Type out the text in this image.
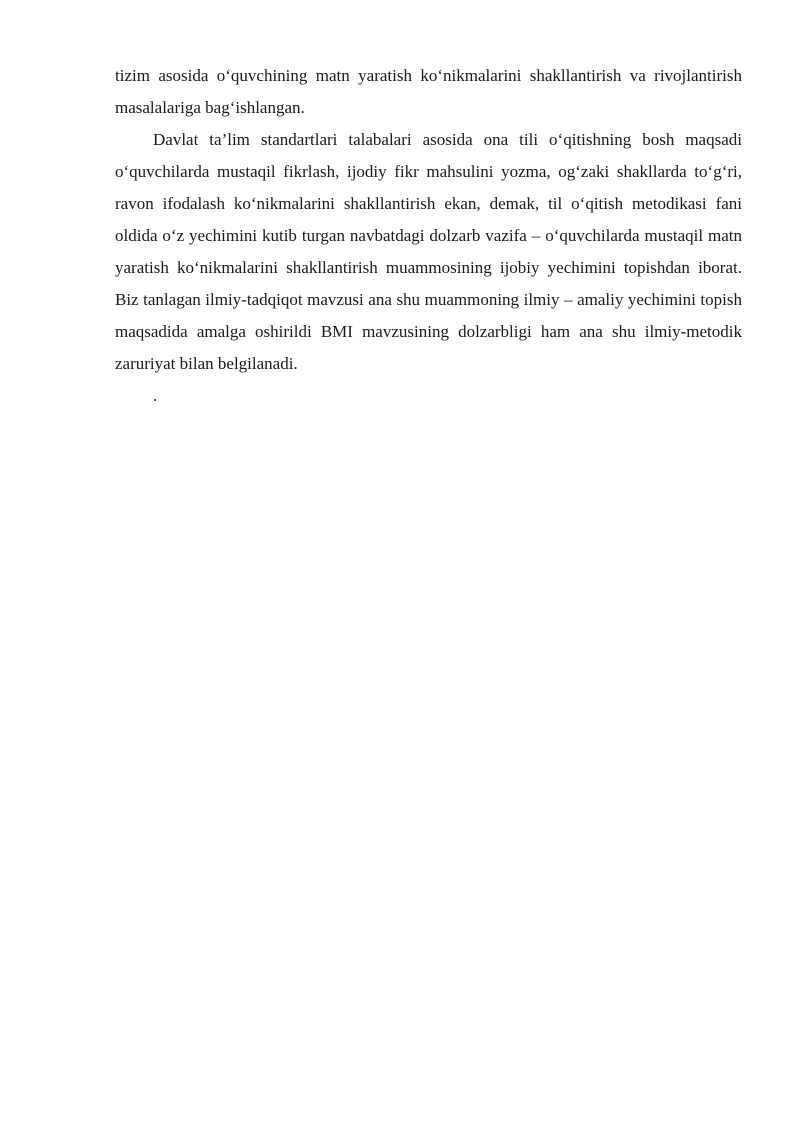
tizim asosida o‘quvchining matn yaratish ko‘nikmalarini shakllantirish va rivojlantirish masalalariga bag‘ishlangan.

Davlat ta’lim standartlari talabalari asosida ona tili o‘qitishning bosh maqsadi o‘quvchilarda mustaqil fikrlash, ijodiy fikr mahsulini yozma, og‘zaki shakllarda to‘g‘ri, ravon ifodalash ko‘nikmalarini shakllantirish ekan, demak, til o‘qitish metodikasi fani oldida o‘z yechimini kutib turgan navbatdagi dolzarb vazifa – o‘quvchilarda mustaqil matn yaratish ko‘nikmalarini shakllantirish muammosining ijobiy yechimini topishdan iborat. Biz tanlagan ilmiy-tadqiqot mavzusi ana shu muammoning ilmiy – amaliy yechimini topish maqsadida amalga oshirildi BMI mavzusining dolzarbligi ham ana shu ilmiy-metodik zaruriyat bilan belgilanadi.

.
